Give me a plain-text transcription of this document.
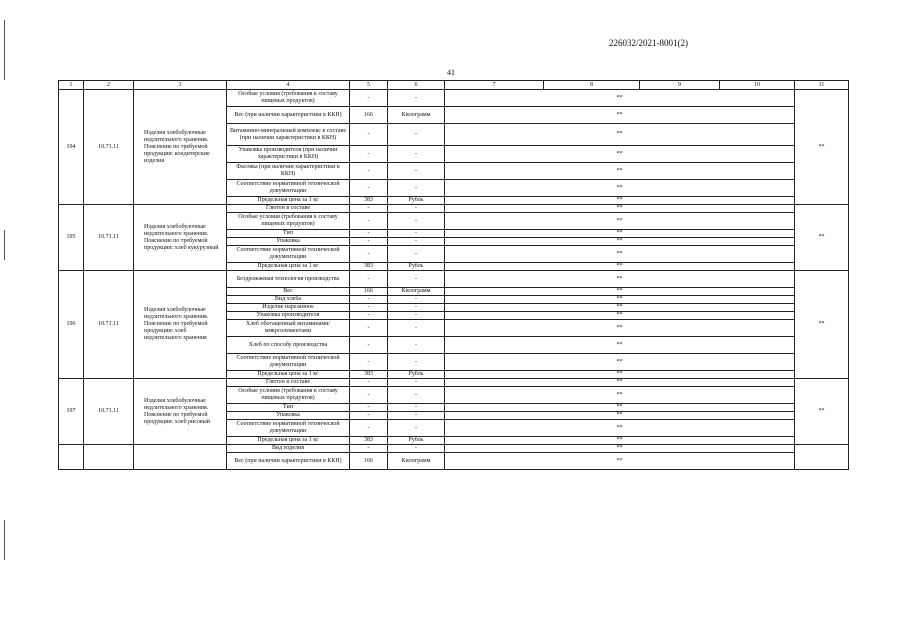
226032/2021-8001(2)
41
1	2	3	4	5	6	7	8	9	10	11
194	10.71.11	Изделия хлебобулочные недлительного хранения. Пояснение по требуемой продукции: кондитерские изделия	Особые условия (требования к составу пищевых продуктов)	-	-	**				**
			Вес (при наличии характеристики в ККН)	166	Килограмм	**				
			Витаминно-минеральный комплекс в составе (при наличии характеристики в ККН)	-	-	**				
			Упаковка производителя (при наличии характеристики в ККН)	-	-	**				
			Фасовка (при наличии характеристики в ККН)	-	-	**				
			Соответствие нормативной технической документации	-	-	**				
			Предельная цена за 1 кг	383	Рубль	**				
195	10.71.11	Изделия хлебобулочные недлительного хранения. Пояснение по требуемой продукции: хлеб кукурузный	Глютен в составе	-	-	**				**
			Особые условия (требования к составу пищевых продуктов)	-	-	**				
			Тип	-	-	**				
			Упаковка	-	-	**				
			Соответствие нормативной технической документации	-	-	**				
			Предельная цена за 1 кг	383	Рубль	**				
196	10.71.11	Изделия хлебобулочные недлительного хранения. Пояснение по требуемой продукции: хлеб недлительного хранения	Бездрожжевая технология производства	-	-	**				**
			Вес	166	Килограмм	**				
			Вид хлеба	-	-	**				
			Изделие нарезанное	-	-	**				
			Упаковка производителя	-	-	**				
			Хлеб обогащенный витаминами/микроэлементами	-	-	**				
			Хлеб по способу производства	-	-	**				
			Соответствие нормативной технической документации	-	-	**				
			Предельная цена за 1 кг	383	Рубль	**				
197	10.71.11	Изделия хлебобулочные недлительного хранения. Пояснение по требуемой продукции: хлеб рисовый	Глютен в составе	-	-	**				**
			Особые условия (требования к составу пищевых продуктов)	-	-	**				
			Тип	-	-	**				
			Упаковка	-	-	**				
			Соответствие нормативной технической документации	-	-	**				
			Предельная цена за 1 кг	383	Рубль	**				
			Вид изделия	-	-	**				
			Вес (при наличии характеристики в ККН)	166	Килограмм	**				
